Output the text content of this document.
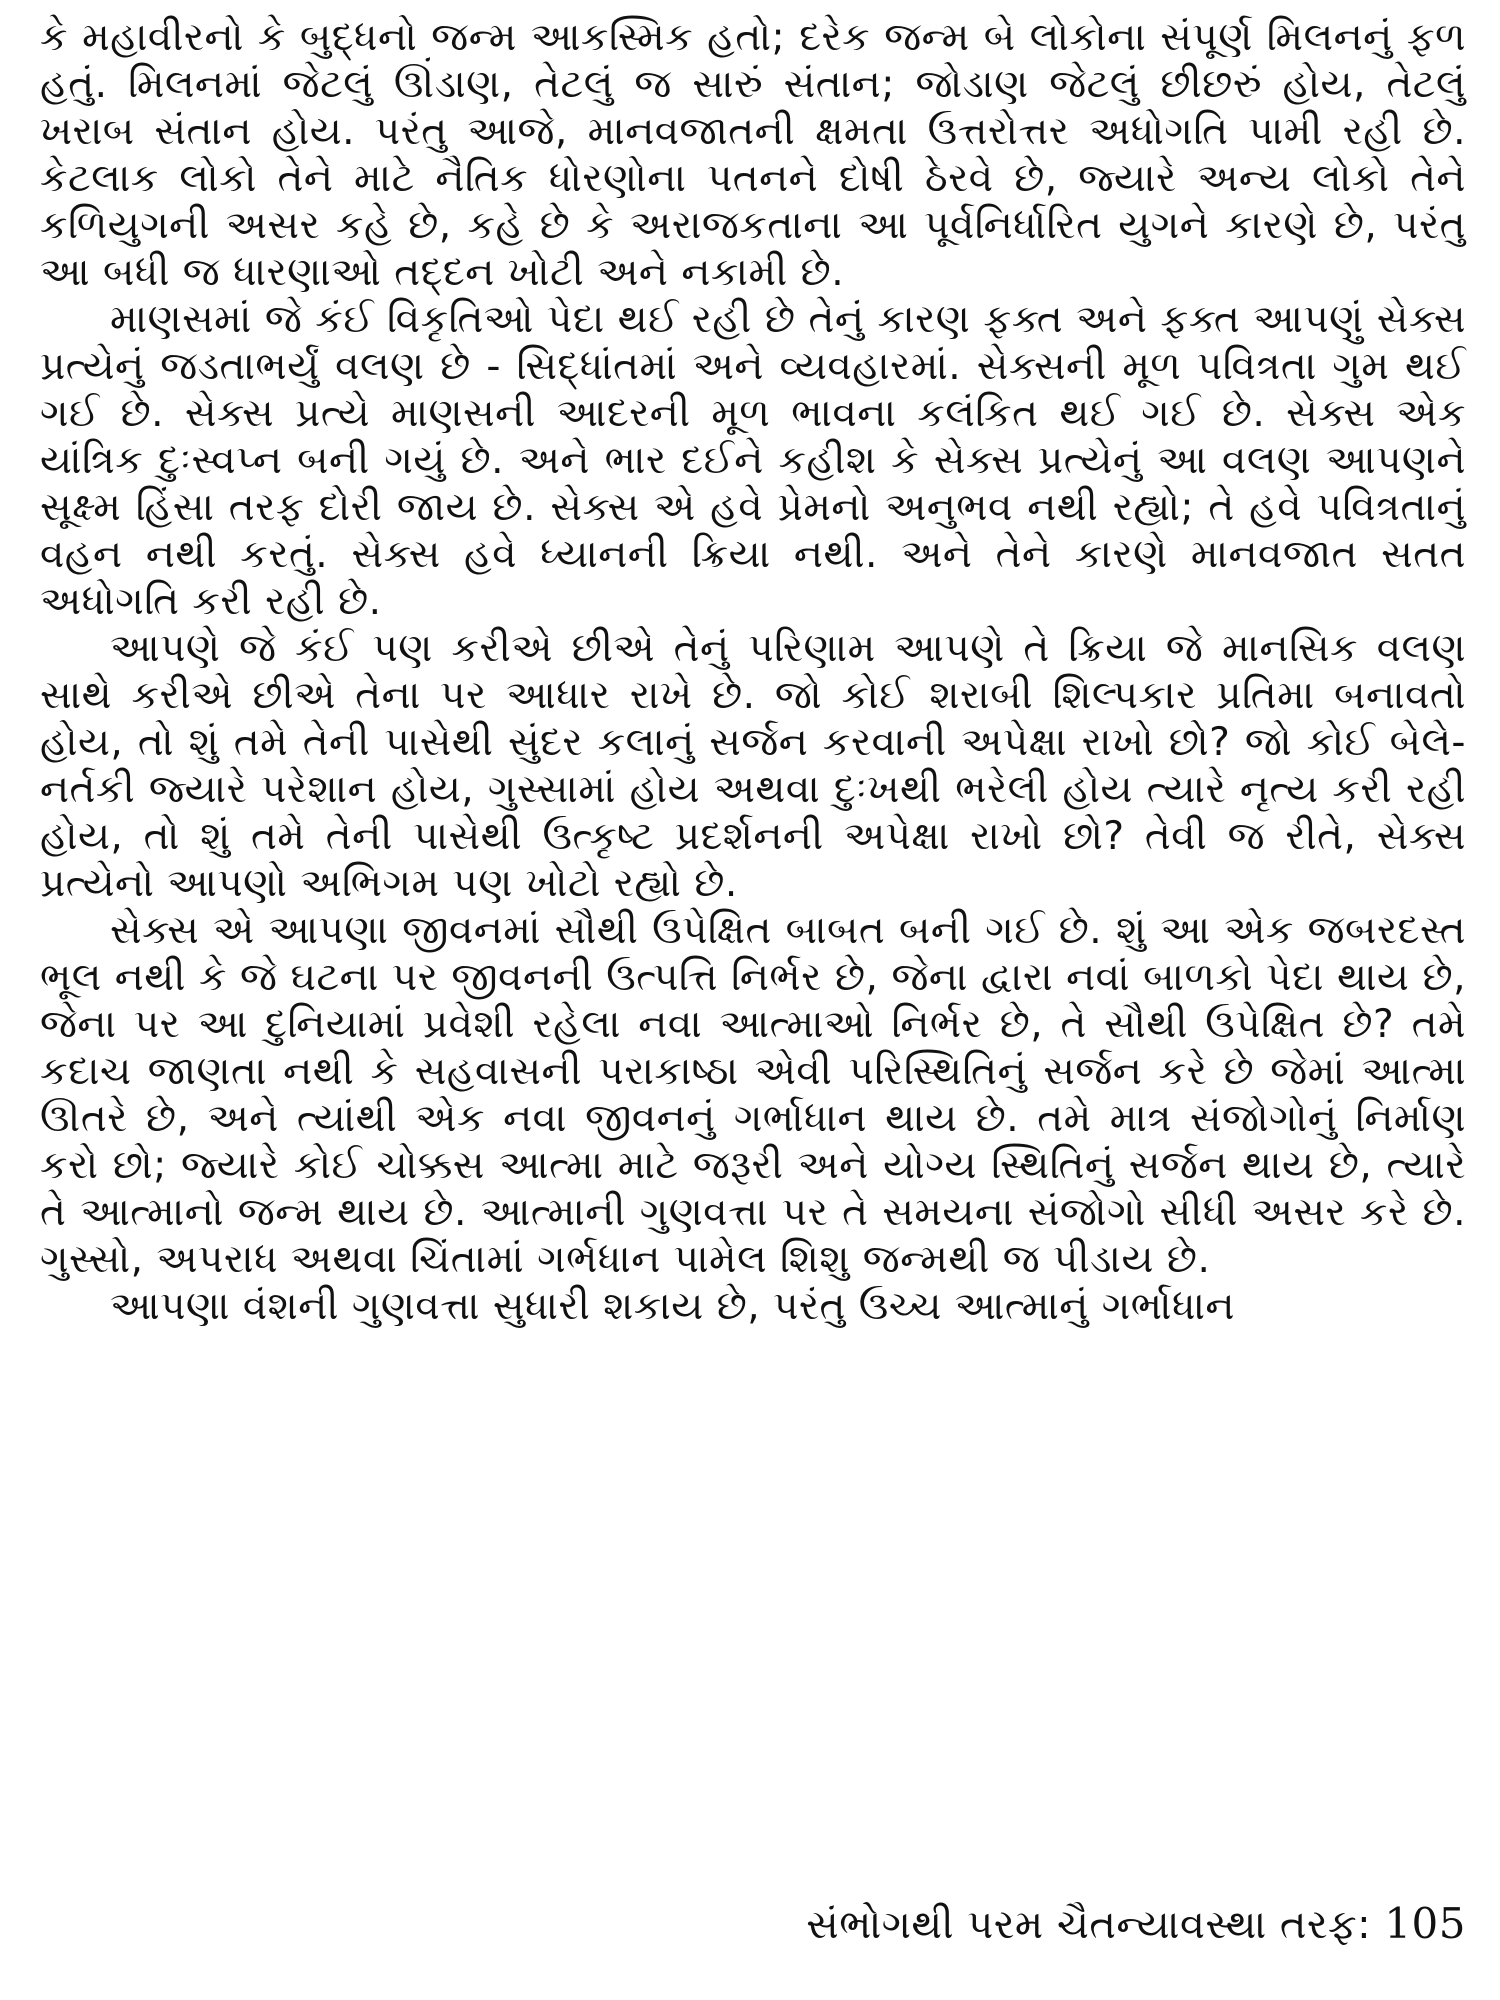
કે મહાવીરનો કે બુદ્ધનો જન્મ આકસ્મિક હતો; દરેક જન્મ બે લોકોના સંપૂર્ણ મિલનનું ફળ હતું. મિલનમાં જેટલું ઊંડાણ, તેટલું જ સારું સંતાન; જોડાણ જેટલું છીછરું હોય, તેટલું ખરાબ સંતાન હોય. પરંતુ આજે, માનવજાતની ક્ષમતા ઉત્તરોત્તર અધોગતિ પામી રહી છે. કેટલાક લોકો તેને માટે નૈતિક ધોરણોના પતનને દોષી ઠેરવે છે, જ્યારે અન્ય લોકો તેને કળિયુગની અસર કહે છે, કહે છે કે અરાજકતાના આ પૂર્વનિર્ધારિત યુગને કારણે છે, પરંતુ આ બધી જ ધારણાઓ તદ્દન ખોટી અને નકામી છે.

માણસમાં જે કંઈ વિકૃતિઓ પેદા થઈ રહી છે તેનું કારણ ફક્ત અને ફક્ત આપણું સેક્સ પ્રત્યેનું જડતાભર્યું વલણ છે - સિદ્ધાંતમાં અને વ્યવહારમાં. સેક્સની મૂળ પવિત્રતા ગુમ થઈ ગઈ છે. સેક્સ પ્રત્યે માણસની આદરની મૂળ ભાવના કલંકિત થઈ ગઈ છે. સેક્સ એક યાંત્રિક દુઃસ્વપ્ન બની ગયું છે. અને ભાર દઈને કહીશ કે સેક્સ પ્રત્યેનું આ વલણ આપણને સૂક્ષ્મ હિંસા તરફ દોરી જાય છે. સેક્સ એ હવે પ્રેમનો અનુભવ નથી રહ્યો; તે હવે પવિત્રતાનું વહન નથી કરતું. સેક્સ હવે ધ્યાનની ક્રિયા નથી. અને તેને કારણે માનવજાત સતત અધોગતિ કરી રહી છે.

આપણે જે કંઈ પણ કરીએ છીએ તેનું પરિણામ આપણે તે ક્રિયા જે માનસિક વલણ સાથે કરીએ છીએ તેના પર આધાર રાખે છે. જો કોઈ શરાબી શિલ્પકાર પ્રતિમા બનાવતો હોય, તો શું તમે તેની પાસેથી સુંદર કલાનું સર્જન કરવાની અપેક્ષા રાખો છો? જો કોઈ બેલે-નર્તકી જ્યારે પરેશાન હોય, ગુસ્સામાં હોય અથવા દુઃખથી ભરેલી હોય ત્યારે નૃત્ય કરી રહી હોય, તો શું તમે તેની પાસેથી ઉત્કૃષ્ટ પ્રદર્શનની અપેક્ષા રાખો છો? તેવી જ રીતે, સેક્સ પ્રત્યેનો આપણો અભિગમ પણ ખોટો રહ્યો છે.

સેક્સ એ આપણા જીવનમાં સૌથી ઉપેક્ષિત બાબત બની ગઈ છે. શું આ એક જબરદસ્ત ભૂલ નથી કે જે ઘટના પર જીવનની ઉત્પત્તિ નિર્ભર છે, જેના દ્વારા નવાં બાળકો પેદા થાય છે, જેના પર આ દુનિયામાં પ્રવેશી રહેલા નવા આત્માઓ નિર્ભર છે, તે સૌથી ઉપેક્ષિત છે? તમે કદાચ જાણતા નથી કે સહવાસની પરાકાષ્ઠા એવી પરિસ્થિતિનું સર્જન કરે છે જેમાં આત્મા ઊતરે છે, અને ત્યાંથી એક નવા જીવનનું ગર્ભાધાન થાય છે. તમે માત્ર સંજોગોનું નિર્માણ કરો છો; જ્યારે કોઈ ચોક્કસ આત્મા માટે જરૂરી અને યોગ્ય સ્થિતિનું સર્જન થાય છે, ત્યારે તે આત્માનો જન્મ થાય છે. આત્માની ગુણવત્તા પર તે સમયના સંજોગો સીધી અસર કરે છે. ગુસ્સો, અપરાધ અથવા ચિંતામાં ગર્ભધાન પામેલ શિશુ જન્મથી જ પીડાય છે.

આપણા વંશની ગુણવત્તા સુધારી શકાય છે, પરંતુ ઉચ્ચ આત્માનું ગર્ભાધાન

સંભોગથી પરમ ચૈતન્યાવસ્થા તરફ: 105
